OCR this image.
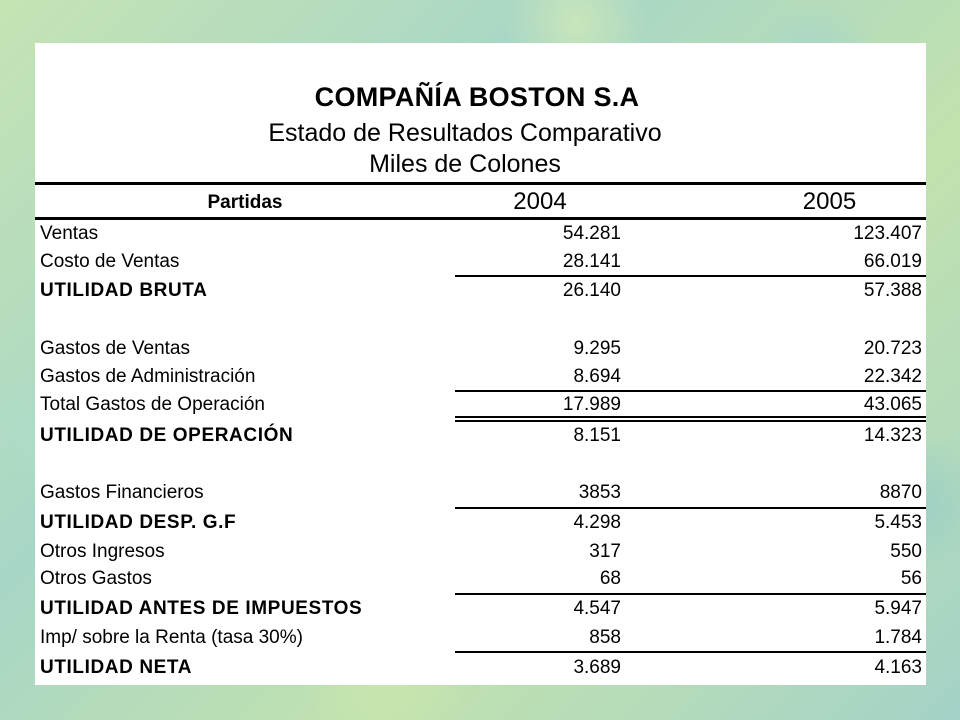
COMPAÑÍA BOSTON S.A
Estado de Resultados Comparativo
Miles de Colones
Partidas	2004	2005
Ventas	54.281	123.407
Costo de Ventas	28.141	66.019
UTILIDAD BRUTA	26.140	57.388
Gastos de Ventas	9.295	20.723
Gastos de Administración	8.694	22.342
Total Gastos de Operación	17.989	43.065
UTILIDAD DE OPERACIÓN	8.151	14.323
Gastos Financieros	3853	8870
UTILIDAD DESP. G.F	4.298	5.453
Otros Ingresos	317	550
Otros Gastos	68	56
UTILIDAD ANTES DE IMPUESTOS	4.547	5.947
Imp/ sobre la Renta (tasa 30%)	858	1.784
UTILIDAD NETA	3.689	4.163
